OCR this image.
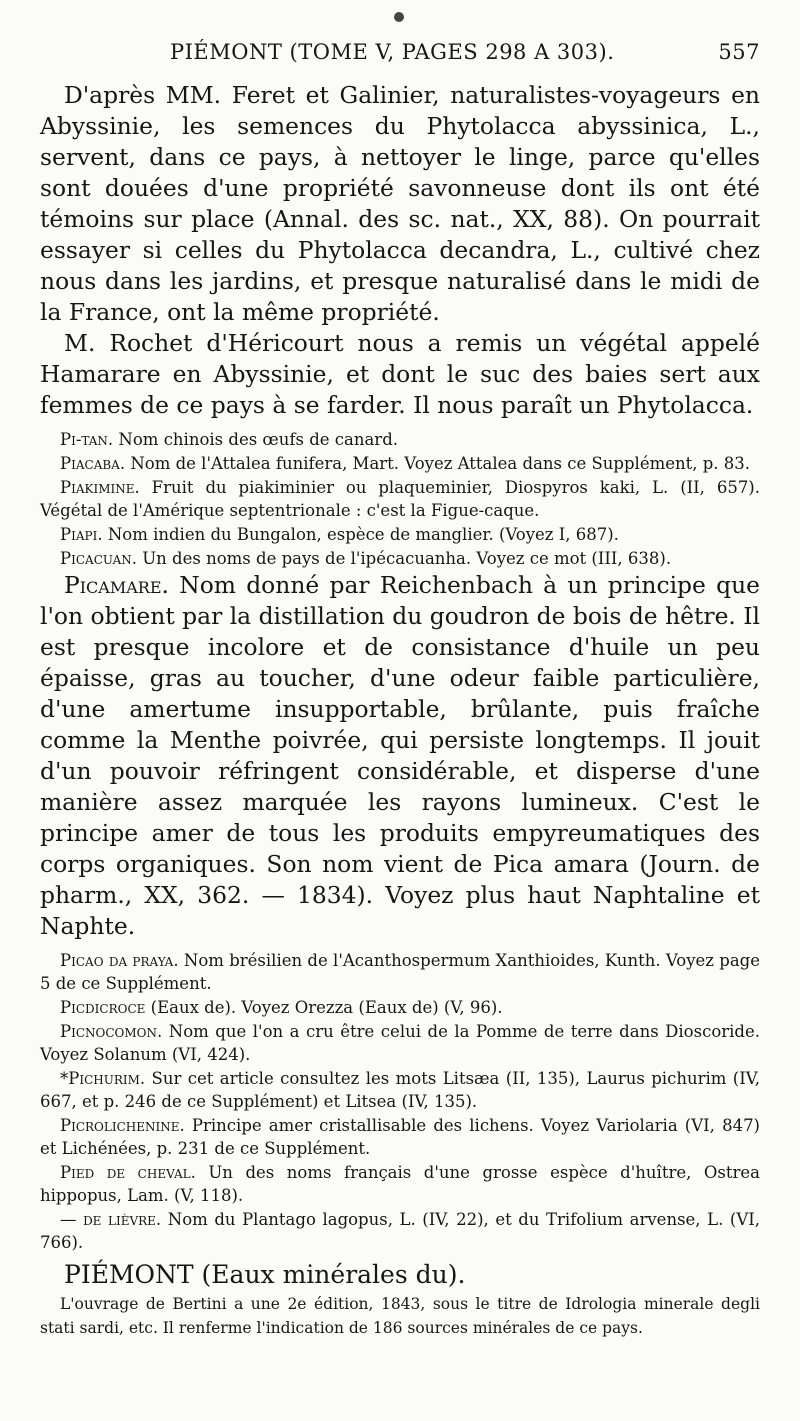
PIÉMONT (TOME V, PAGES 298 A 303).	557

D'après MM. Feret et Galinier, naturalistes-voyageurs en Abyssinie, les semences du Phytolacca abyssinica, L., servent, dans ce pays, à nettoyer le linge, parce qu'elles sont douées d'une propriété savonneuse dont ils ont été témoins sur place (Annal. des sc. nat., XX, 88). On pourrait essayer si celles du Phytolacca decandra, L., cultivé chez nous dans les jardins, et presque naturalisé dans le midi de la France, ont la même propriété.

M. Rochet d'Héricourt nous a remis un végétal appelé Hamarare en Abyssinie, et dont le suc des baies sert aux femmes de ce pays à se farder. Il nous paraît un Phytolacca.

Pi-tan. Nom chinois des œufs de canard.

Piacaba. Nom de l'Attalea funifera, Mart. Voyez Attalea dans ce Supplément, p. 83.

Piakimine. Fruit du piakiminier ou plaqueminier, Diospyros kaki, L. (II, 657). Végétal de l'Amérique septentrionale : c'est la Figue-caque.

Piapi. Nom indien du Bungalon, espèce de manglier. (Voyez I, 687).

Picacuan. Un des noms de pays de l'ipécacuanha. Voyez ce mot (III, 638).

Picamare. Nom donné par Reichenbach à un principe que l'on obtient par la distillation du goudron de bois de hêtre. Il est presque incolore et de consistance d'huile un peu épaisse, gras au toucher, d'une odeur faible particulière, d'une amertume insupportable, brûlante, puis fraîche comme la Menthe poivrée, qui persiste longtemps. Il jouit d'un pouvoir réfringent considérable, et disperse d'une manière assez marquée les rayons lumineux. C'est le principe amer de tous les produits empyreumatiques des corps organiques. Son nom vient de Pica amara (Journ. de pharm., XX, 362. — 1834). Voyez plus haut Naphtaline et Naphte.

Picao da praya. Nom brésilien de l'Acanthospermum Xanthioides, Kunth. Voyez page 5 de ce Supplément.

Picdicroce (Eaux de). Voyez Orezza (Eaux de) (V, 96).

Picnocomon. Nom que l'on a cru être celui de la Pomme de terre dans Dioscoride. Voyez Solanum (VI, 424).

*Pichurim. Sur cet article consultez les mots Litsæa (II, 135), Laurus pichurim (IV, 667, et p. 246 de ce Supplément) et Litsea (IV, 135).

Picrolichenine. Principe amer cristallisable des lichens. Voyez Variolaria (VI, 847) et Lichénées, p. 231 de ce Supplément.

Pied de cheval. Un des noms français d'une grosse espèce d'huître, Ostrea hippopus, Lam. (V, 118).

— de lièvre. Nom du Plantago lagopus, L. (IV, 22), et du Trifolium arvense, L. (VI, 766).

PIÉMONT (Eaux minérales du).

L'ouvrage de Bertini a une 2e édition, 1843, sous le titre de Idrologia minerale degli stati sardi, etc. Il renferme l'indication de 186 sources minérales de ce pays.
